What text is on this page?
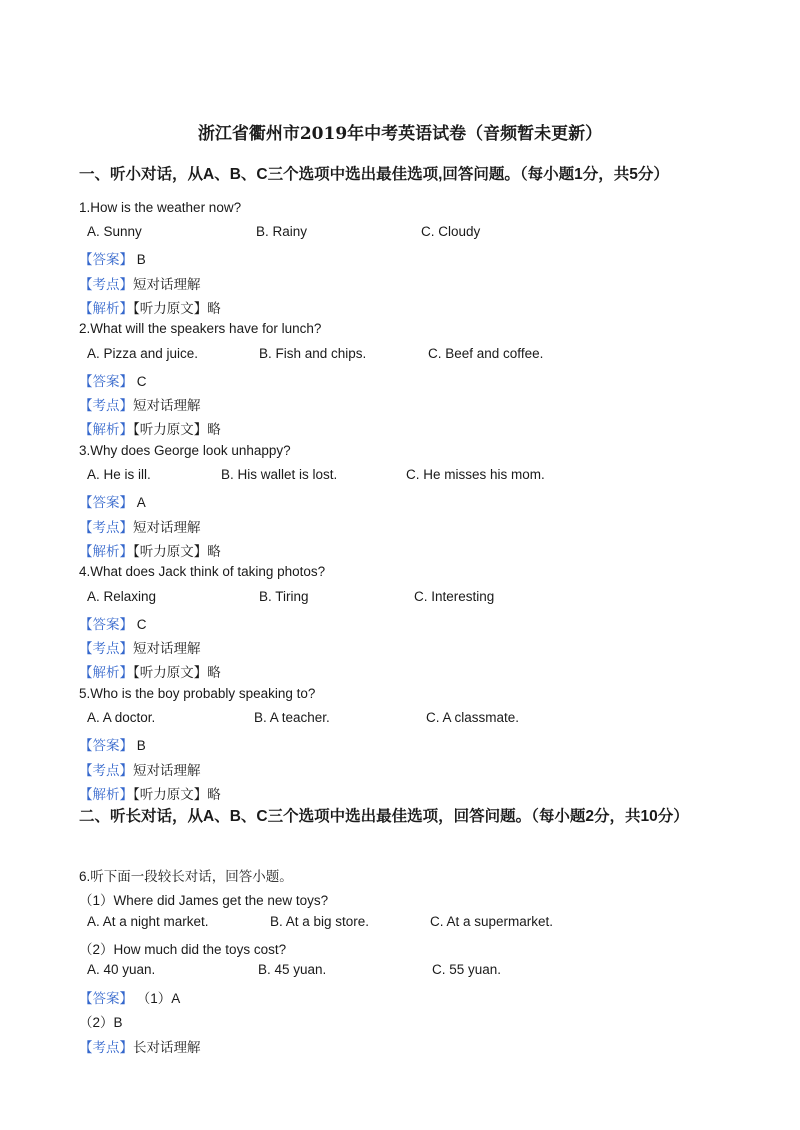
浙江省衢州市2019年中考英语试卷（音频暂未更新）
一、听小对话，从A、B、C三个选项中选出最佳选项,回答问题。（每小题1分，共5分）
1.How is the weather now?
A. Sunny	B. Rainy	C. Cloudy
【答案】 B
【考点】短对话理解
【解析】【听力原文】略
2.What will the speakers have for lunch?
A. Pizza and juice.	B. Fish and chips.	C. Beef and coffee.
【答案】 C
【考点】短对话理解
【解析】【听力原文】略
3.Why does George look unhappy?
A. He is ill.	B. His wallet is lost.	C. He misses his mom.
【答案】 A
【考点】短对话理解
【解析】【听力原文】略
4.What does Jack think of taking photos?
A. Relaxing	B. Tiring	C. Interesting
【答案】 C
【考点】短对话理解
【解析】【听力原文】略
5.Who is the boy probably speaking to?
A. A doctor.	B. A teacher.	C. A classmate.
【答案】 B
【考点】短对话理解
【解析】【听力原文】略
二、听长对话，从A、B、C三个选项中选出最佳选项，回答问题。（每小题2分，共10分）
6.听下面一段较长对话，回答小题。
（1）Where did James get the new toys?
A. At a night market.	B. At a big store.	C. At a supermarket.
（2）How much did the toys cost?
A. 40 yuan.	B. 45 yuan.	C. 55 yuan.
【答案】 （1）A
（2）B
【考点】长对话理解
